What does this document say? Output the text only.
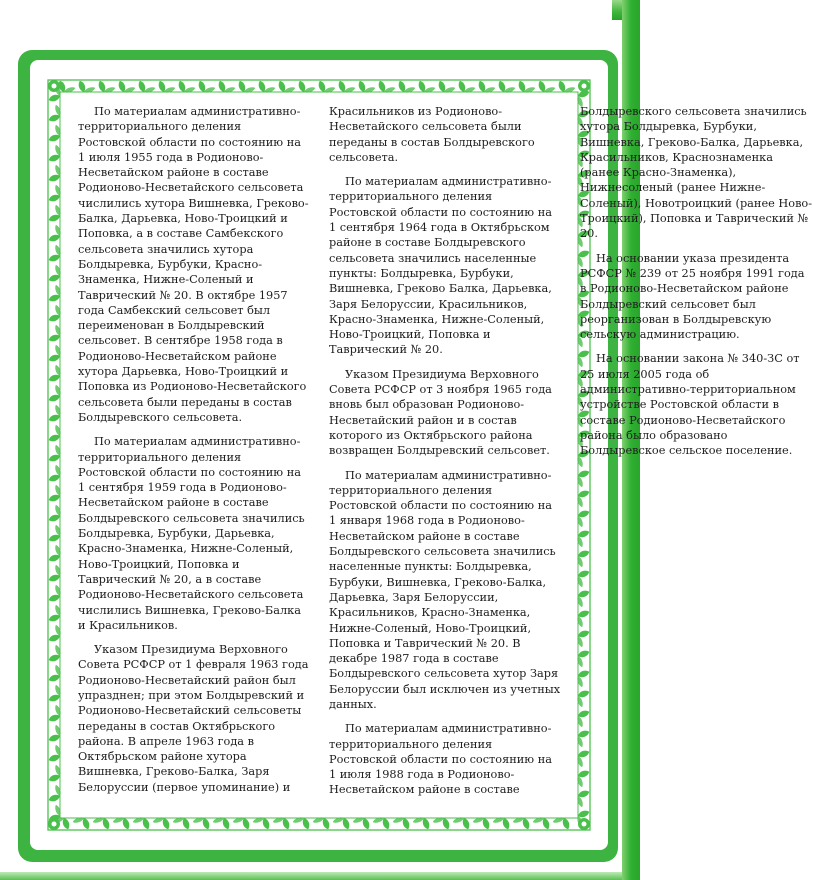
По материалам административно-территориального деления Ростовской области по состоянию на 1 июля 1955 года в Родионово-Несветайском районе в составе Родионово-Несветайского сельсовета числились хутора Вишневка, Греково-Балка, Дарьевка, Ново-Троицкий и Поповка, а в составе Самбекского сельсовета значились хутора Болдыревка, Бурбуки, Красно-Знаменка, Нижне-Соленый и Таврический № 20. В октябре 1957 года Самбекский сельсовет был переименован в Болдыревский сельсовет. В сентябре 1958 года в Родионово-Несветайском районе хутора Дарьевка, Ново-Троицкий и Поповка из Родионово-Несветайского сельсовета были переданы в состав Болдыревского сельсовета.

По материалам административно-территориального деления Ростовской области по состоянию на 1 сентября 1959 года в Родионово-Несветайском районе в составе Болдыревского сельсовета значились Болдыревка, Бурбуки, Дарьевка, Красно-Знаменка, Нижне-Соленый, Ново-Троицкий, Поповка и Таврический № 20, а в составе Родионово-Несветайского сельсовета числились Вишневка, Греково-Балка и Красильников.

Указом Президиума Верховного Совета РСФСР от 1 февраля 1963 года Родионово-Несветайский район был упразднен; при этом Болдыревский и Родионово-Несветайский сельсоветы переданы в состав Октябрьского района. В апреле 1963 года в Октябрьском районе хутора Вишневка, Греково-Балка, Заря Белоруссии (первое упоминание) и Красильников из Родионово-Несветайского сельсовета были переданы в состав Болдыревского сельсовета.

По материалам административно-территориального деления Ростовской области по состоянию на 1 сентября 1964 года в Октябрьском районе в составе Болдыревского сельсовета значились населенные пункты: Болдыревка, Бурбуки, Вишневка, Греково Балка, Дарьевка, Заря Белоруссии, Красильников, Красно-Знаменка, Нижне-Соленый, Ново-Троицкий, Поповка и Таврический № 20.

Указом Президиума Верховного Совета РСФСР от 3 ноября 1965 года вновь был образован Родионово-Несветайский район и в состав которого из Октябрьского района возвращен Болдыревский сельсовет.

По материалам административно-территориального деления Ростовской области по состоянию на 1 января 1968 года в Родионово-Несветайском районе в составе Болдыревского сельсовета значились населенные пункты: Болдыревка, Бурбуки, Вишневка, Греково-Балка, Дарьевка, Заря Белоруссии, Красильников, Красно-Знаменка, Нижне-Соленый, Ново-Троицкий, Поповка и Таврический № 20. В декабре 1987 года в составе Болдыревского сельсовета хутор Заря Белоруссии был исключен из учетных данных.

По материалам административно-территориального деления Ростовской области по состоянию на 1 июля 1988 года в Родионово-Несветайском районе в составе Болдыревского сельсовета значились хутора Болдыревка, Бурбуки, Вишневка, Греково-Балка, Дарьевка, Красильников, Краснознаменка (ранее Красно-Знаменка), Нижнесоленый (ранее Нижне-Соленый), Новотроицкий (ранее Ново-Троицкий), Поповка и Таврический № 20.

На основании указа президента РСФСР № 239 от 25 ноября 1991 года в Родионово-Несветайском районе Болдыревский сельсовет был реорганизован в Болдыревскую сельскую администрацию.

На основании закона № 340-ЗС от 25 июля 2005 года об административно-территориальном устройстве Ростовской области в составе Родионово-Несветайского района было образовано Болдыревское сельское поселение.
